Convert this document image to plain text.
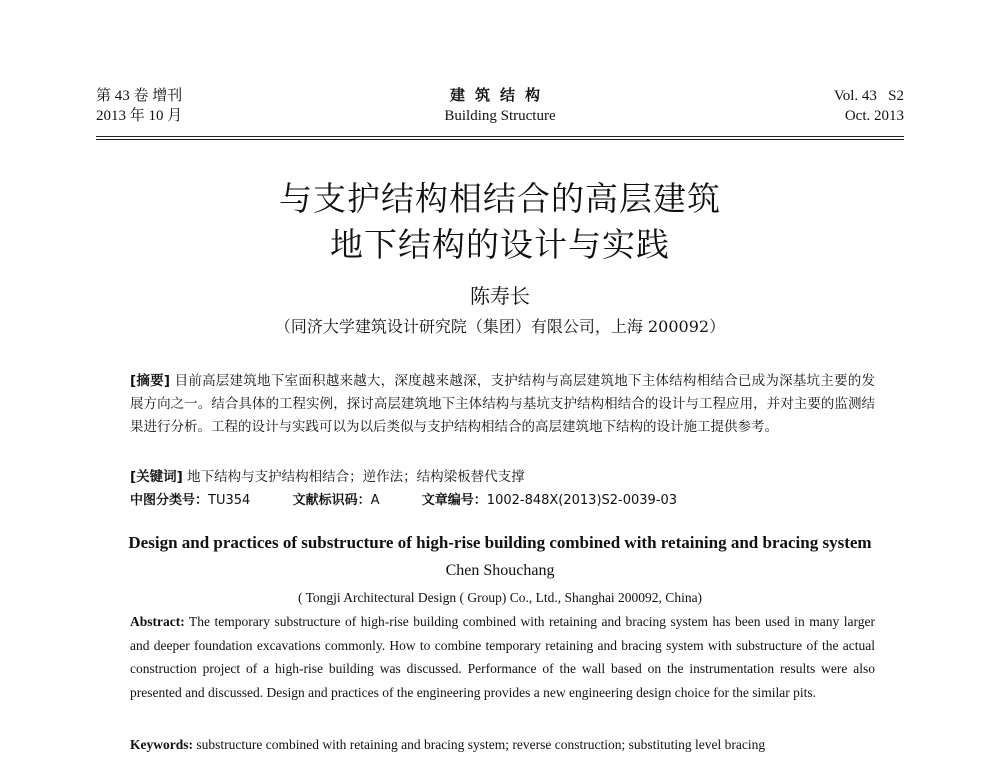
第 43 卷 增刊
2013 年 10 月
建筑结构
Building Structure
Vol. 43   S2
Oct. 2013
与支护结构相结合的高层建筑
地下结构的设计与实践
陈寿长
（同济大学建筑设计研究院（集团）有限公司，上海 200092）
[摘要] 目前高层建筑地下室面积越来越大，深度越来越深，支护结构与高层建筑地下主体结构相结合已成为深基坑主要的发展方向之一。结合具体的工程实例，探讨高层建筑地下主体结构与基坑支护结构相结合的设计与工程应用，并对主要的监测结果进行分析。工程的设计与实践可以为以后类似与支护结构相结合的高层建筑地下结构的设计施工提供参考。
[关键词] 地下结构与支护结构相结合；逆作法；结构梁板替代支撑
中图分类号：TU354	文献标识码：A	文章编号：1002-848X(2013)S2-0039-03
Design and practices of substructure of high-rise building combined with retaining and bracing system
Chen Shouchang
( Tongji Architectural Design ( Group) Co., Ltd., Shanghai 200092, China)
Abstract: The temporary substructure of high-rise building combined with retaining and bracing system has been used in many larger and deeper foundation excavations commonly. How to combine temporary retaining and bracing system with substructure of the actual construction project of a high-rise building was discussed. Performance of the wall based on the instrumentation results were also presented and discussed. Design and practices of the engineering provides a new engineering design choice for the similar pits.
Keywords: substructure combined with retaining and bracing system; reverse construction; substituting level bracing
